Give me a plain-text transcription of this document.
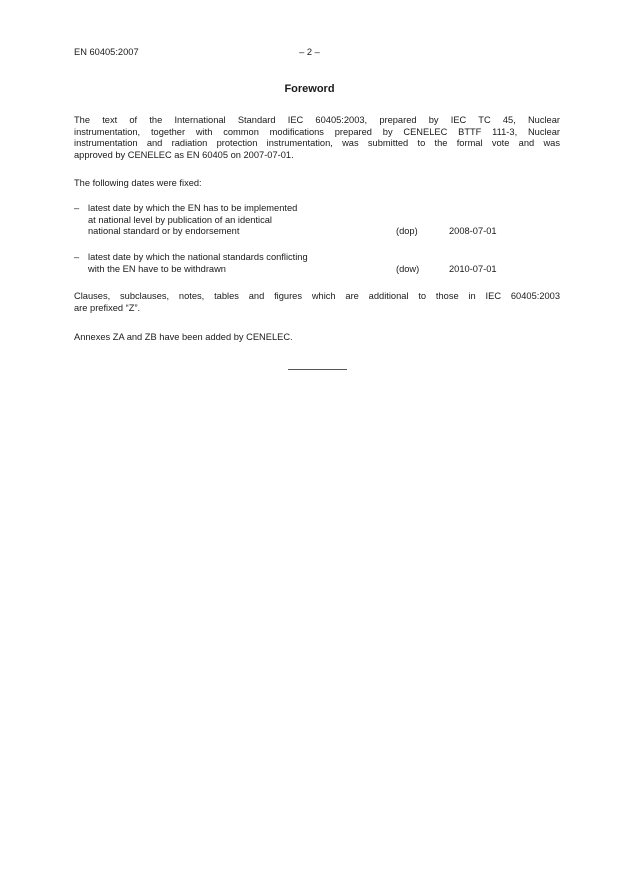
EN 60405:2007	– 2 –
Foreword
The text of the International Standard IEC 60405:2003, prepared by IEC TC 45, Nuclear
instrumentation, together with common modifications prepared by CENELEC BTTF 111-3, Nuclear
instrumentation and radiation protection instrumentation, was submitted to the formal vote and was
approved by CENELEC as EN 60405 on 2007-07-01.
The following dates were fixed:
– latest date by which the EN has to be implemented
at national level by publication of an identical
national standard or by endorsement	(dop)	2008-07-01
– latest date by which the national standards conflicting
with the EN have to be withdrawn	(dow)	2010-07-01
Clauses, subclauses, notes, tables and figures which are additional to those in IEC 60405:2003
are prefixed “Z”.
Annexes ZA and ZB have been added by CENELEC.
